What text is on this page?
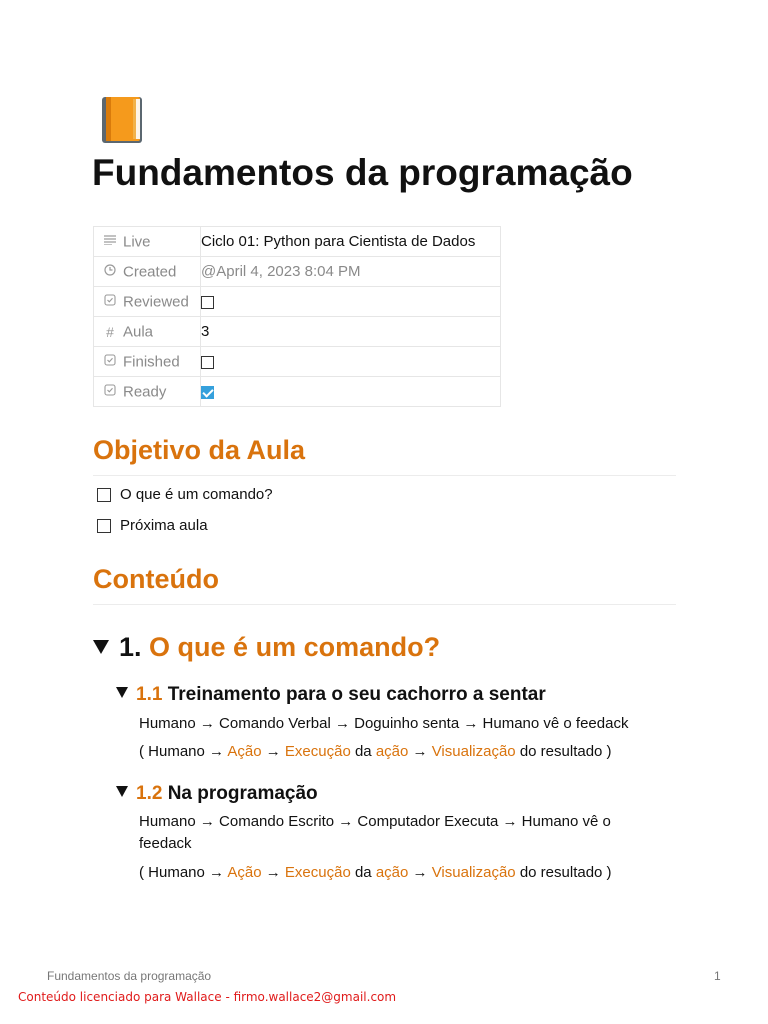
Fundamentos da programação
Live	Ciclo 01: Python para Cientista de Dados
Created	@April 4, 2023 8:04 PM
Reviewed	
# Aula	3
Finished	
Ready	
Objetivo da Aula
O que é um comando?
Próxima aula
Conteúdo
1. O que é um comando?
1.1 Treinamento para o seu cachorro a sentar
Humano → Comando Verbal → Doguinho senta → Humano vê o feedack
( Humano → Ação → Execução da ação → Visualização do resultado )
1.2 Na programação
Humano → Comando Escrito → Computador Executa → Humano vê o feedack
( Humano → Ação → Execução da ação → Visualização do resultado )
Fundamentos da programação	1
Conteúdo licenciado para Wallace - firmo.wallace2@gmail.com
